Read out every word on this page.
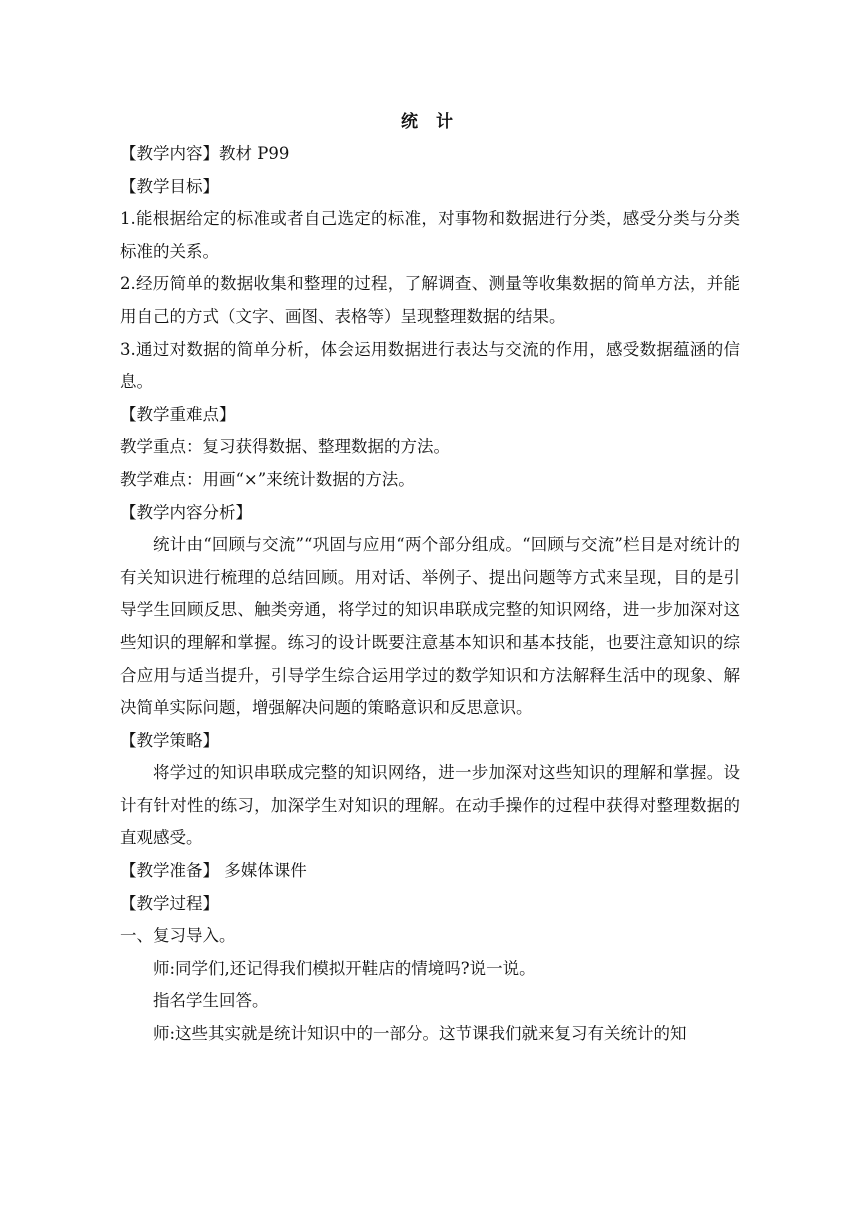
统 计

【教学内容】教材 P99

【教学目标】

1.能根据给定的标准或者自己选定的标准，对事物和数据进行分类，感受分类与分类标准的关系。

2.经历简单的数据收集和整理的过程，了解调查、测量等收集数据的简单方法，并能用自己的方式（文字、画图、表格等）呈现整理数据的结果。

3.通过对数据的简单分析，体会运用数据进行表达与交流的作用，感受数据蕴涵的信息。

【教学重难点】

教学重点：复习获得数据、整理数据的方法。

教学难点：用画“×”来统计数据的方法。

【教学内容分析】

统计由“回顾与交流”“巩固与应用“两个部分组成。“回顾与交流”栏目是对统计的有关知识进行梳理的总结回顾。用对话、举例子、提出问题等方式来呈现，目的是引导学生回顾反思、触类旁通，将学过的知识串联成完整的知识网络，进一步加深对这些知识的理解和掌握。练习的设计既要注意基本知识和基本技能，也要注意知识的综合应用与适当提升，引导学生综合运用学过的数学知识和方法解释生活中的现象、解决简单实际问题，增强解决问题的策略意识和反思意识。

【教学策略】

将学过的知识串联成完整的知识网络，进一步加深对这些知识的理解和掌握。设计有针对性的练习，加深学生对知识的理解。在动手操作的过程中获得对整理数据的直观感受。

【教学准备】 多媒体课件

【教学过程】

一、复习导入。

师:同学们,还记得我们模拟开鞋店的情境吗?说一说。

指名学生回答。

师:这些其实就是统计知识中的一部分。这节课我们就来复习有关统计的知
